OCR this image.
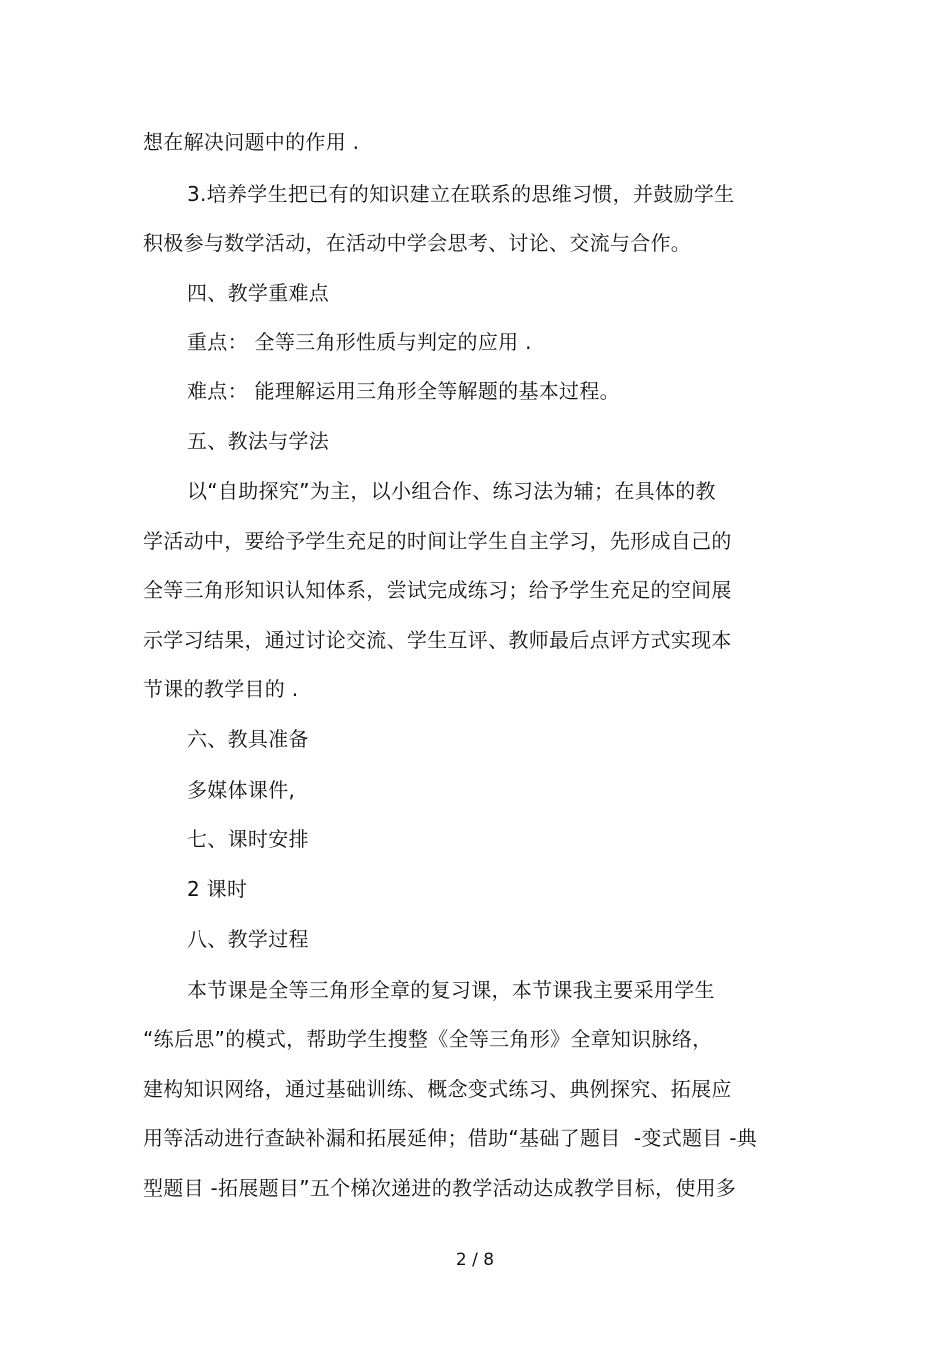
想在解决问题中的作用 .
3.培养学生把已有的知识建立在联系的思维习惯，并鼓励学生
积极参与数学活动，在活动中学会思考、讨论、交流与合作。
四、教学重难点
重点： 全等三角形性质与判定的应用 .
难点： 能理解运用三角形全等解题的基本过程。
五、教法与学法
以“自助探究”为主，以小组合作、练习法为辅；在具体的教
学活动中，要给予学生充足的时间让学生自主学习，先形成自己的
全等三角形知识认知体系，尝试完成练习；给予学生充足的空间展
示学习结果，通过讨论交流、学生互评、教师最后点评方式实现本
节课的教学目的 .
六、教具准备
多媒体课件,
七、课时安排
2 课时
八、教学过程
本节课是全等三角形全章的复习课，本节课我主要采用学生
“练后思”的模式，帮助学生搜整《全等三角形》全章知识脉络，
建构知识网络，通过基础训练、概念变式练习、典例探究、拓展应
用等活动进行查缺补漏和拓展延伸；借助“基础了题目  -变式题目 -典
型题目 -拓展题目”五个梯次递进的教学活动达成教学目标，使用多
2 / 8
